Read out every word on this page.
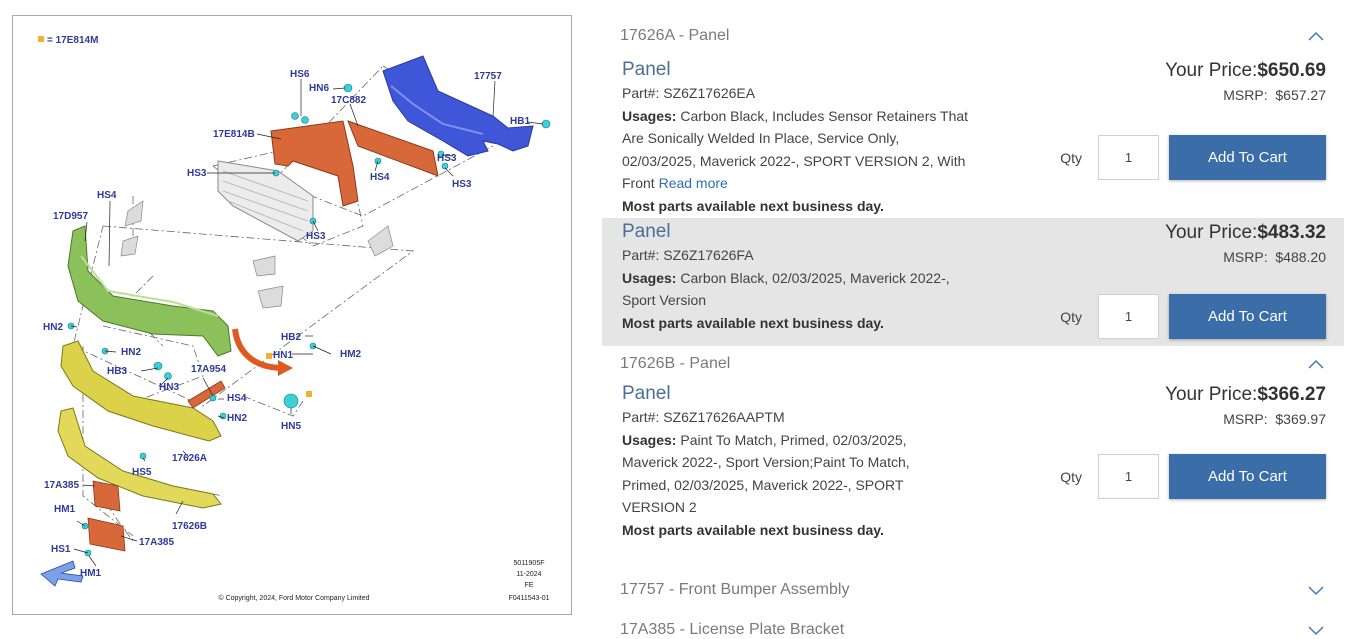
= 17E814M
HS6
HN6
17757
17C882
HB1
17E814B
HS3
HS3
HS4
HS3
HS3
HS4
17D957
HN2
HB2
HN1	HM2
HN2
HB3
HN3
17A954
HS4
HN2
HN5
HS5
17626A
17A385
HM1
HS1
17A385
HM1
17626B
5011905F
11-2024
FE
F0411543-01
© Copyright, 2024, Ford Motor Company Limited
17626A - Panel
Panel
Part#: SZ6Z17626EA
Usages: Carbon Black, Includes Sensor Retainers That Are Sonically Welded In Place, Service Only, 02/03/2025, Maverick 2022-, SPORT VERSION 2, With Front Read more
Most parts available next business day.
Your Price:$650.69
MSRP: $657.27
Qty
1	Add To Cart
Panel
Part#: SZ6Z17626FA
Usages: Carbon Black, 02/03/2025, Maverick 2022-, Sport Version
Most parts available next business day.
Your Price:$483.32
MSRP: $488.20
Qty
1	Add To Cart
17626B - Panel
Panel
Part#: SZ6Z17626AAPTM
Usages: Paint To Match, Primed, 02/03/2025, Maverick 2022-, Sport Version;Paint To Match, Primed, 02/03/2025, Maverick 2022-, SPORT VERSION 2
Most parts available next business day.
Your Price:$366.27
MSRP: $369.97
Qty
1	Add To Cart
17757 - Front Bumper Assembly
17A385 - License Plate Bracket
